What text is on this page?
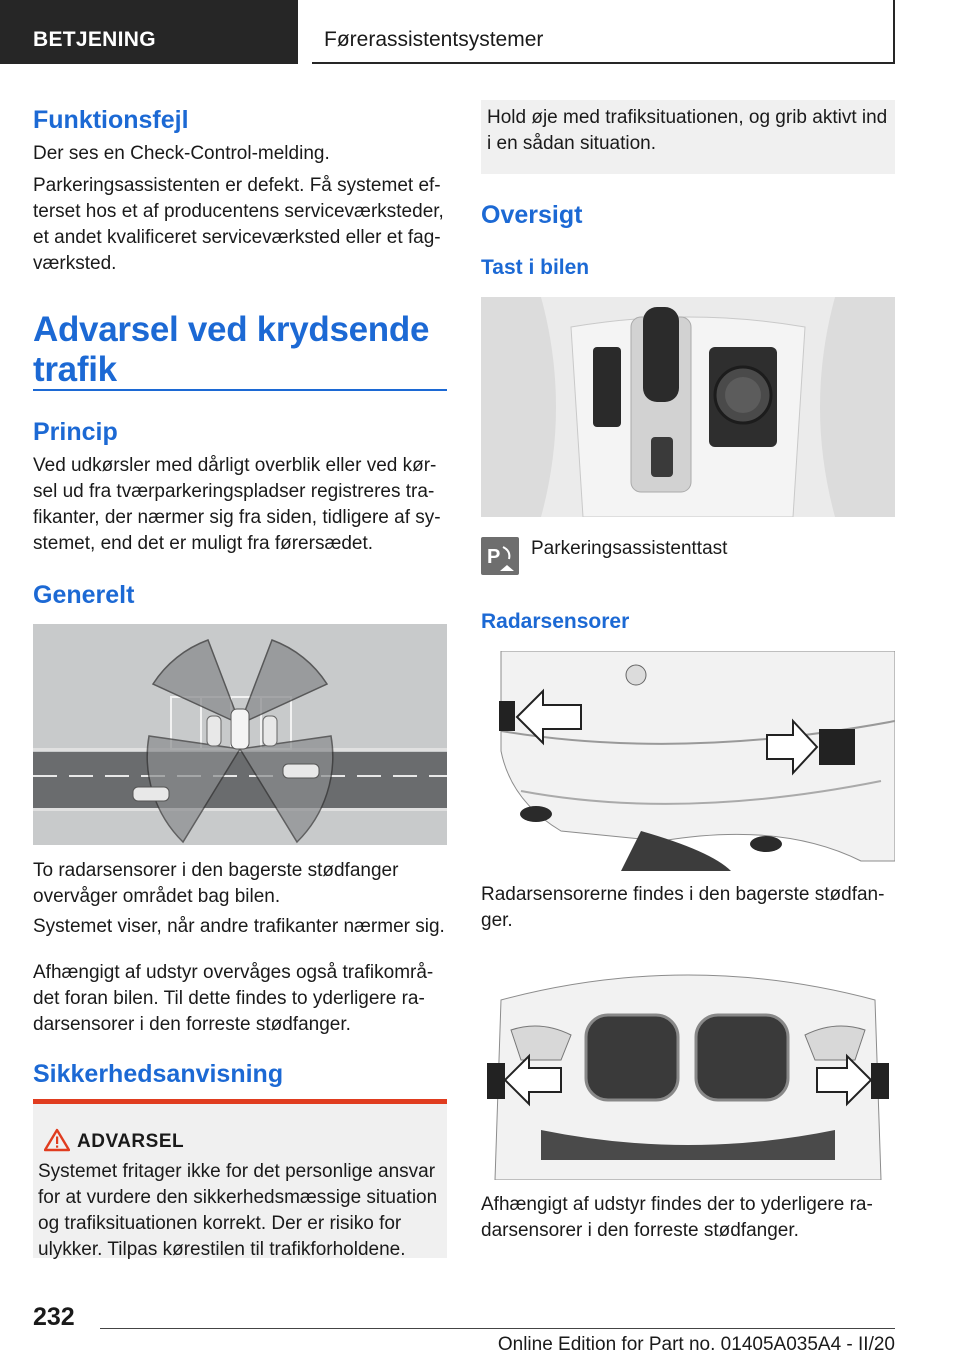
BETJENING	Førerassistentsystemer
Funktionsfejl
Der ses en Check-Control-melding.
Parkeringsassistenten er defekt. Få systemet efterset hos et af producentens serviceværksteder, et andet kvalificeret serviceværksted eller et fagværksted.
Advarsel ved krydsende trafik
Princip
Ved udkørsler med dårligt overblik eller ved kørsel ud fra tværparkeringspladser registreres trafikanter, der nærmer sig fra siden, tidligere af systemet, end det er muligt fra førersædet.
Generelt
To radarsensorer i den bagerste stødfanger overvåger området bag bilen.
Systemet viser, når andre trafikanter nærmer sig.
Afhængigt af udstyr overvåges også trafikområdet foran bilen. Til dette findes to yderligere radarsensorer i den forreste stødfanger.
Sikkerhedsanvisning
ADVARSEL
Systemet fritager ikke for det personlige ansvar for at vurdere den sikkerhedsmæssige situation og trafiksituationen korrekt. Der er risiko for ulykker. Tilpas kørestilen til trafikforholdene.

Hold øje med trafiksituationen, og grib aktivt ind i en sådan situation.

Oversigt
Tast i bilen
P Parkeringsassistenttast
Radarsensorer
Radarsensorerne findes i den bagerste stødfanger.
Afhængigt af udstyr findes der to yderligere radarsensorer i den forreste stødfanger.
232
Online Edition for Part no. 01405A035A4 - II/20
